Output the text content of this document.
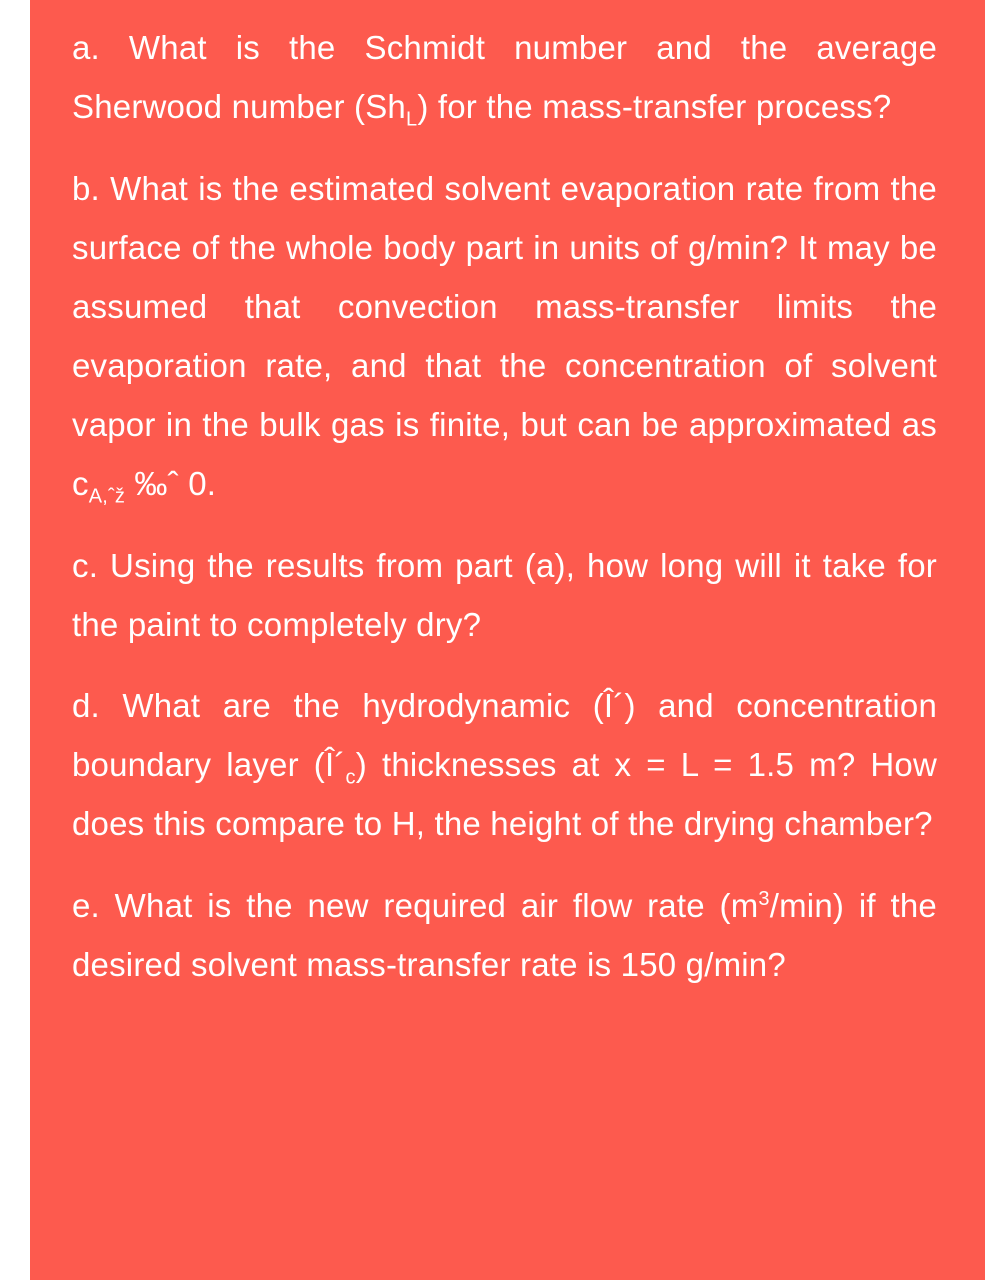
a. What is the Schmidt number and the average Sherwood number $(Sh_L)$ for the mass-transfer process?

b. What is the estimated solvent evaporation rate from the surface of the whole body part in units of g/min? It may be assumed that convection mass-transfer limits the evaporation rate, and that the concentration of solvent vapor in the bulk gas is finite, but can be approximated as $c_{A,ˆž}$ ‰ˆ 0.

c. Using the results from part (a), how long will it take for the paint to completely dry?

d. What are the hydrodynamic (Î´) and concentration boundary layer $(Î´_c)$ thicknesses at x = L = 1.5 m? How does this compare to H, the height of the drying chamber?

e. What is the new required air flow rate $(m^3/\min)$ if the desired solvent mass-transfer rate is 150 g/min?
